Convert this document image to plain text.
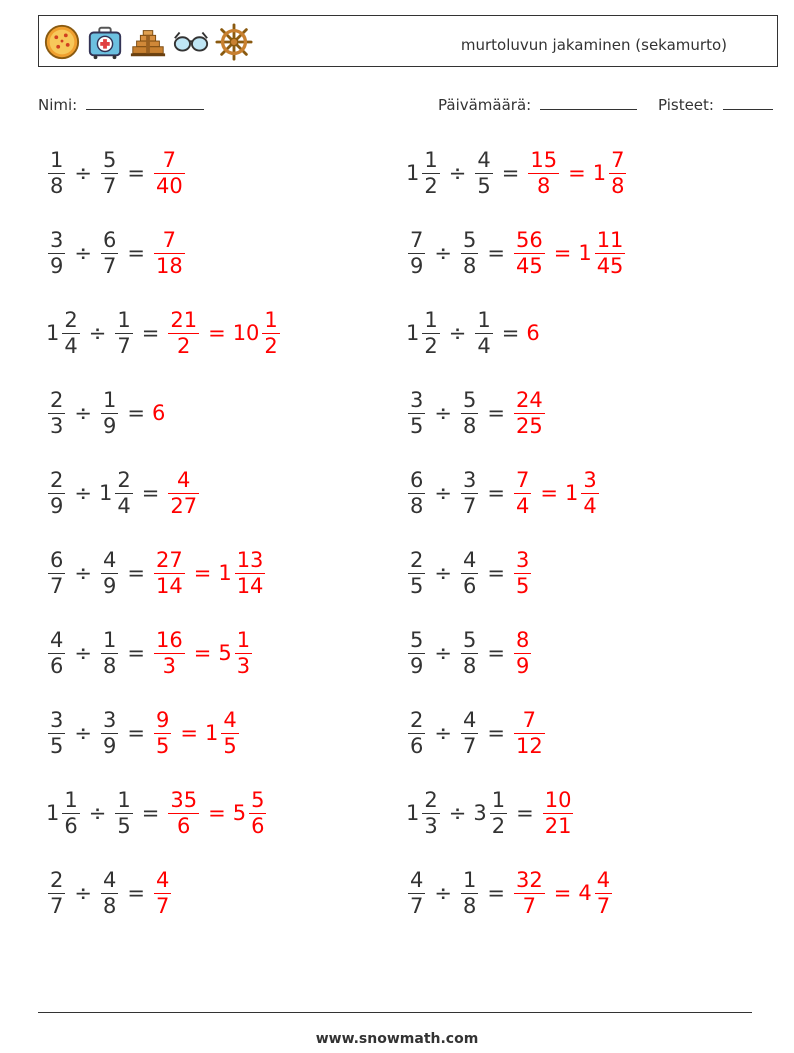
murtoluvun jakaminen (sekamurto)
Nimi:	Päivämäärä:	Pisteet:
$\frac{1}{8} \div \frac{5}{7} = \frac{7}{40}$	$1 \frac{1}{2} \div \frac{4}{5} = \frac{15}{8} = 1 \frac{7}{8}$
$\frac{3}{9} \div \frac{6}{7} = \frac{7}{18}$	$\frac{7}{9} \div \frac{5}{8} = \frac{56}{45} = 1 \frac{11}{45}$
$1 \frac{2}{4} \div \frac{1}{7} = \frac{21}{2} = 10 \frac{1}{2}$	$1 \frac{1}{2} \div \frac{1}{4} = 6$
$\frac{2}{3} \div \frac{1}{9} = 6$	$\frac{3}{5} \div \frac{5}{8} = \frac{24}{25}$
$\frac{2}{9} \div 1 \frac{2}{4} = \frac{4}{27}$	$\frac{6}{8} \div \frac{3}{7} = \frac{7}{4} = 1 \frac{3}{4}$
$\frac{6}{7} \div \frac{4}{9} = \frac{27}{14} = 1 \frac{13}{14}$	$\frac{2}{5} \div \frac{4}{6} = \frac{3}{5}$
$\frac{4}{6} \div \frac{1}{8} = \frac{16}{3} = 5 \frac{1}{3}$	$\frac{5}{9} \div \frac{5}{8} = \frac{8}{9}$
$\frac{3}{5} \div \frac{3}{9} = \frac{9}{5} = 1 \frac{4}{5}$	$\frac{2}{6} \div \frac{4}{7} = \frac{7}{12}$
$1 \frac{1}{6} \div \frac{1}{5} = \frac{35}{6} = 5 \frac{5}{6}$	$1 \frac{2}{3} \div 3 \frac{1}{2} = \frac{10}{21}$
$\frac{2}{7} \div \frac{4}{8} = \frac{4}{7}$	$\frac{4}{7} \div \frac{1}{8} = \frac{32}{7} = 4 \frac{4}{7}$
www.snowmath.com
